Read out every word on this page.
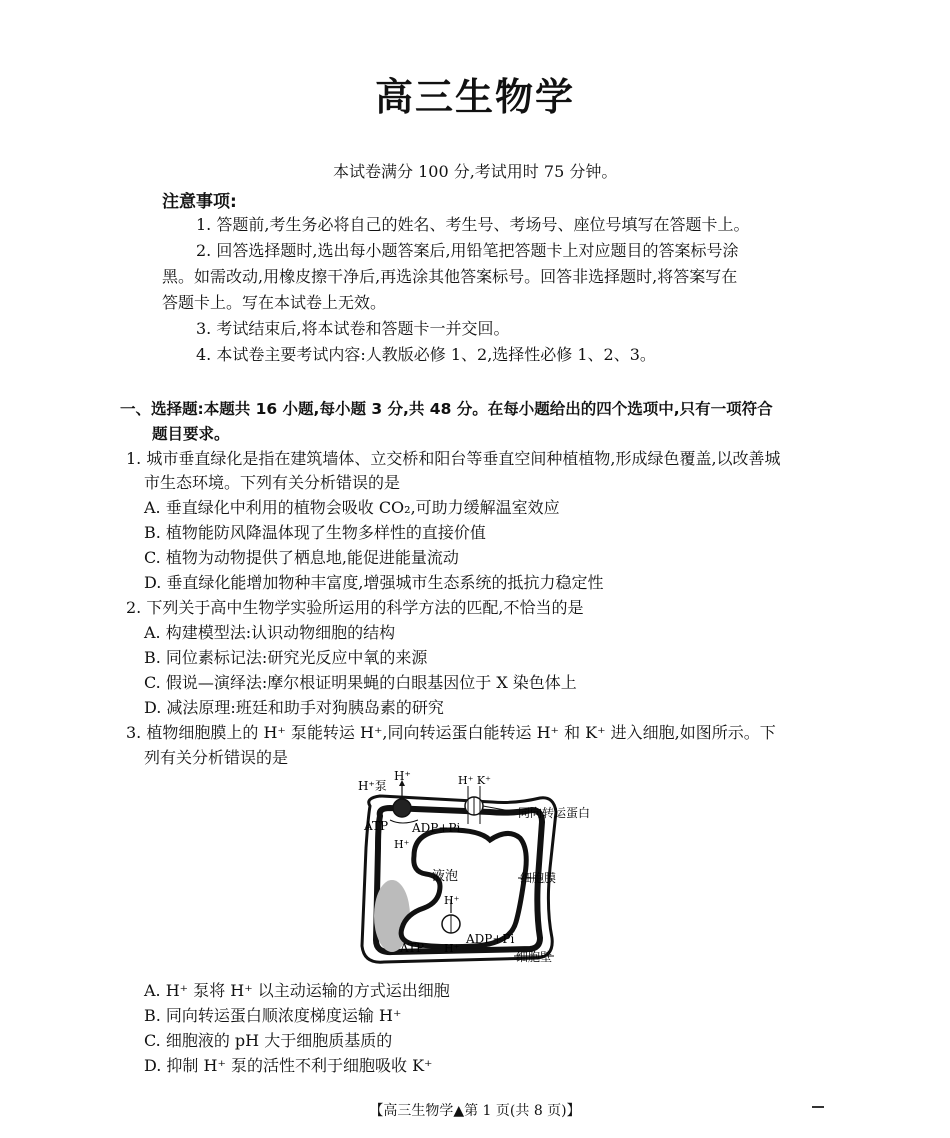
高三生物学
本试卷满分 100 分,考试用时 75 分钟。
注意事项:
1. 答题前,考生务必将自己的姓名、考生号、考场号、座位号填写在答题卡上。
2. 回答选择题时,选出每小题答案后,用铅笔把答题卡上对应题目的答案标号涂
黑。如需改动,用橡皮擦干净后,再选涂其他答案标号。回答非选择题时,将答案写在
答题卡上。写在本试卷上无效。
3. 考试结束后,将本试卷和答题卡一并交回。
4. 本试卷主要考试内容:人教版必修 1、2,选择性必修 1、2、3。
一、选择题:本题共 16 小题,每小题 3 分,共 48 分。在每小题给出的四个选项中,只有一项符合
题目要求。
1. 城市垂直绿化是指在建筑墙体、立交桥和阳台等垂直空间种植植物,形成绿色覆盖,以改善城
市生态环境。下列有关分析错误的是
A. 垂直绿化中利用的植物会吸收 CO₂,可助力缓解温室效应
B. 植物能防风降温体现了生物多样性的直接价值
C. 植物为动物提供了栖息地,能促进能量流动
D. 垂直绿化能增加物种丰富度,增强城市生态系统的抵抗力稳定性
2. 下列关于高中生物学实验所运用的科学方法的匹配,不恰当的是
A. 构建模型法:认识动物细胞的结构
B. 同位素标记法:研究光反应中氧的来源
C. 假说—演绎法:摩尔根证明果蝇的白眼基因位于 X 染色体上
D. 减法原理:班廷和助手对狗胰岛素的研究
3. 植物细胞膜上的 H⁺ 泵能转运 H⁺,同向转运蛋白能转运 H⁺ 和 K⁺ 进入细胞,如图所示。下
列有关分析错误的是
H⁺泵
H⁺	H⁺ K⁺
ATP ADP+Pi
H⁺
液泡
H⁺
ATP H⁺
ADP+Pi
同向转运蛋白
细胞膜
细胞壁
A. H⁺ 泵将 H⁺ 以主动运输的方式运出细胞
B. 同向转运蛋白顺浓度梯度运输 H⁺
C. 细胞液的 pH 大于细胞质基质的
D. 抑制 H⁺ 泵的活性不利于细胞吸收 K⁺
【高三生物学▲第 1 页(共 8 页)】
